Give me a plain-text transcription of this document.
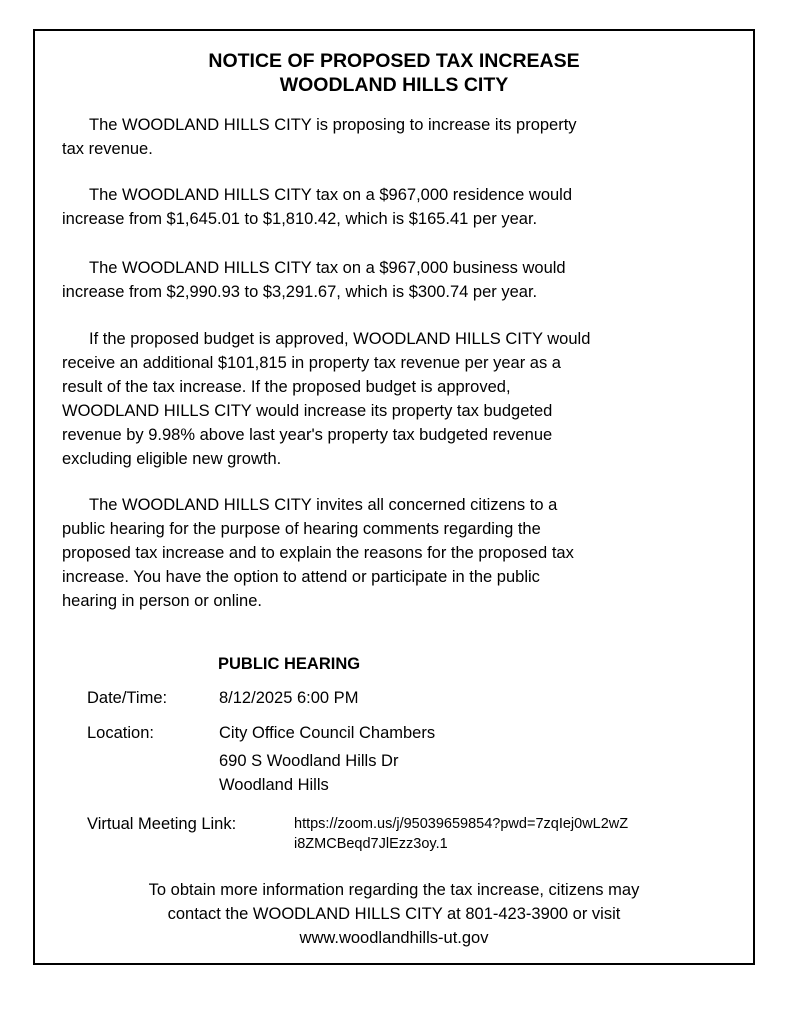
NOTICE OF PROPOSED TAX INCREASE
WOODLAND HILLS CITY
The WOODLAND HILLS CITY is proposing to increase its property
tax revenue.
The WOODLAND HILLS CITY tax on a $967,000 residence would
increase from $1,645.01 to $1,810.42, which is $165.41 per year.
The WOODLAND HILLS CITY tax on a $967,000 business would
increase from $2,990.93 to $3,291.67, which is $300.74 per year.
If the proposed budget is approved, WOODLAND HILLS CITY would
receive an additional $101,815 in property tax revenue per year as a
result of the tax increase. If the proposed budget is approved,
WOODLAND HILLS CITY would increase its property tax budgeted
revenue by 9.98% above last year's property tax budgeted revenue
excluding eligible new growth.
The WOODLAND HILLS CITY invites all concerned citizens to a
public hearing for the purpose of hearing comments regarding the
proposed tax increase and to explain the reasons for the proposed tax
increase. You have the option to attend or participate in the public
hearing in person or online.
PUBLIC HEARING
Date/Time:	8/12/2025 6:00 PM
Location:	City Office Council Chambers
690 S Woodland Hills Dr
Woodland Hills
Virtual Meeting Link:	https://zoom.us/j/95039659854?pwd=7zqIej0wL2wZ
i8ZMCBeqd7JlEzz3oy.1
To obtain more information regarding the tax increase, citizens may
contact the WOODLAND HILLS CITY at 801-423-3900 or visit
www.woodlandhills-ut.gov
